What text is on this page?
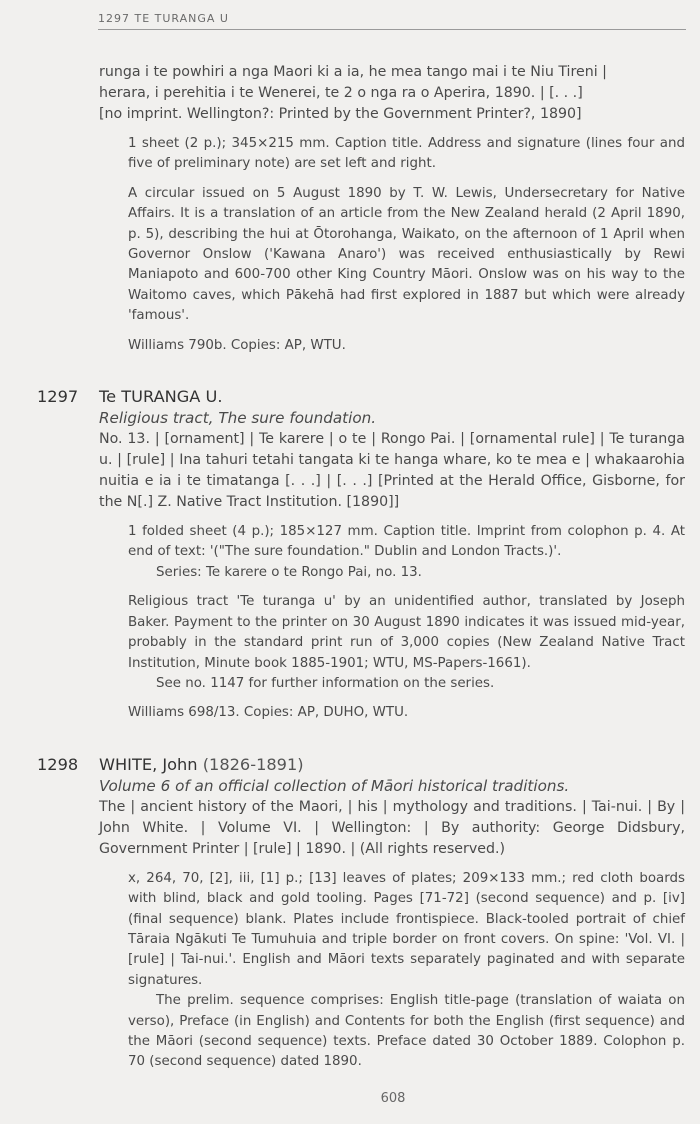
1297 TE TURANGA U

runga i te powhiri a nga Maori ki a ia, he mea tango mai i te Niu Tireni |

herara, i perehitia i te Wenerei, te 2 o nga ra o Aperira, 1890. | [. . .]

[no imprint. Wellington?: Printed by the Government Printer?, 1890]

1 sheet (2 p.); 345×215 mm. Caption title. Address and signature (lines four and five of preliminary note) are set left and right.

A circular issued on 5 August 1890 by T. W. Lewis, Undersecretary for Native Affairs. It is a translation of an article from the New Zealand herald (2 April 1890, p. 5), describing the hui at Ōtorohanga, Waikato, on the afternoon of 1 April when Governor Onslow ('Kawana Anaro') was received enthusiastically by Rewi Maniapoto and 600-700 other King Country Māori. Onslow was on his way to the Waitomo caves, which Pākehā had first explored in 1887 but which were already 'famous'.

Williams 790b. Copies: AP, WTU.

1297 Te TURANGA U.

Religious tract, The sure foundation.

No. 13. | [ornament] | Te karere | o te | Rongo Pai. | [ornamental rule] | Te turanga u. | [rule] | Ina tahuri tetahi tangata ki te hanga whare, ko te mea e | whakaarohia nuitia e ia i te timatanga [. . .] | [. . .] [Printed at the Herald Office, Gisborne, for the N[.] Z. Native Tract Institution. [1890]]

1 folded sheet (4 p.); 185×127 mm. Caption title. Imprint from colophon p. 4. At end of text: '("The sure foundation." Dublin and London Tracts.)'.

Series: Te karere o te Rongo Pai, no. 13.

Religious tract 'Te turanga u' by an unidentified author, translated by Joseph Baker. Payment to the printer on 30 August 1890 indicates it was issued mid-year, probably in the standard print run of 3,000 copies (New Zealand Native Tract Institution, Minute book 1885-1901; WTU, MS-Papers-1661).

See no. 1147 for further information on the series.

Williams 698/13. Copies: AP, DUHO, WTU.

1298 WHITE, John (1826-1891)

Volume 6 of an official collection of Māori historical traditions.

The | ancient history of the Maori, | his | mythology and traditions. | Tai-nui. | By | John White. | Volume VI. | Wellington: | By authority: George Didsbury, Government Printer | [rule] | 1890. | (All rights reserved.)

x, 264, 70, [2], iii, [1] p.; [13] leaves of plates; 209×133 mm.; red cloth boards with blind, black and gold tooling. Pages [71-72] (second sequence) and p. [iv] (final sequence) blank. Plates include frontispiece. Black-tooled portrait of chief Tāraia Ngākuti Te Tumuhuia and triple border on front covers. On spine: 'Vol. VI. | [rule] | Tai-nui.'. English and Māori texts separately paginated and with separate signatures.

The prelim. sequence comprises: English title-page (translation of waiata on verso), Preface (in English) and Contents for both the English (first sequence) and the Māori (second sequence) texts. Preface dated 30 October 1889. Colophon p. 70 (second sequence) dated 1890.

608
